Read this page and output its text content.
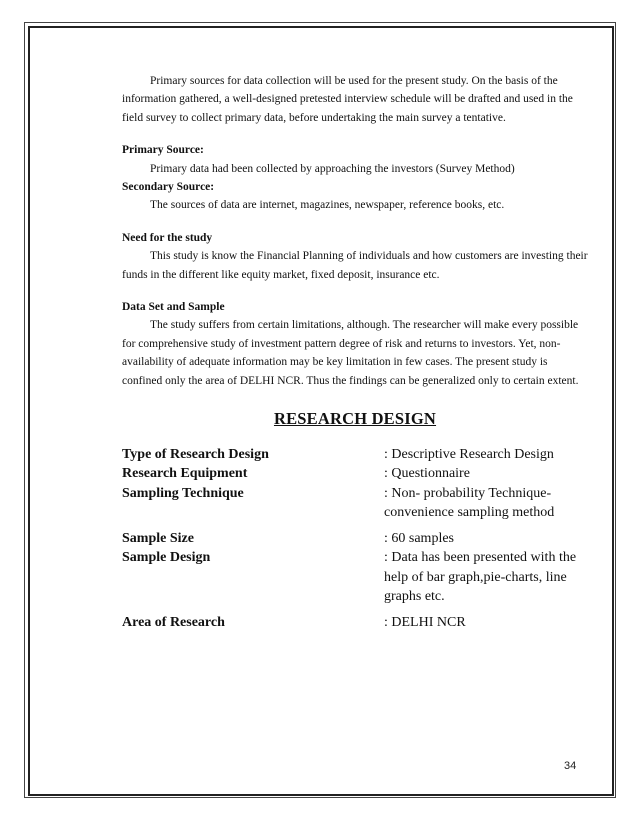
Primary sources for data collection will be used for the present study. On the basis of the information gathered, a well-designed pretested interview schedule will be drafted and used in the field survey to collect primary data, before undertaking the main survey a tentative.

Primary Source:

Primary data had been collected by approaching the investors (Survey Method)

Secondary Source:

The sources of data are internet, magazines, newspaper, reference books, etc.

Need for the study

This study is know the Financial Planning of individuals and how customers are investing their funds in the different like equity market, fixed deposit, insurance etc.

Data Set and Sample

The study suffers from certain limitations, although. The researcher will make every possible for comprehensive study of investment pattern degree of risk and returns to investors. Yet, non-availability of adequate information may be key limitation in few cases. The present study is confined only the area of DELHI NCR. Thus the findings can be generalized only to certain extent.

RESEARCH DESIGN
Type of Research Design	: Descriptive Research Design
Research Equipment	: Questionnaire
Sampling Technique	: Non- probability Technique-convenience sampling method

Sample Size	: 60 samples
Sample Design	: Data has been presented with the help of bar graph,pie-charts, line graphs etc.

Area of Research	: DELHI NCR
34
